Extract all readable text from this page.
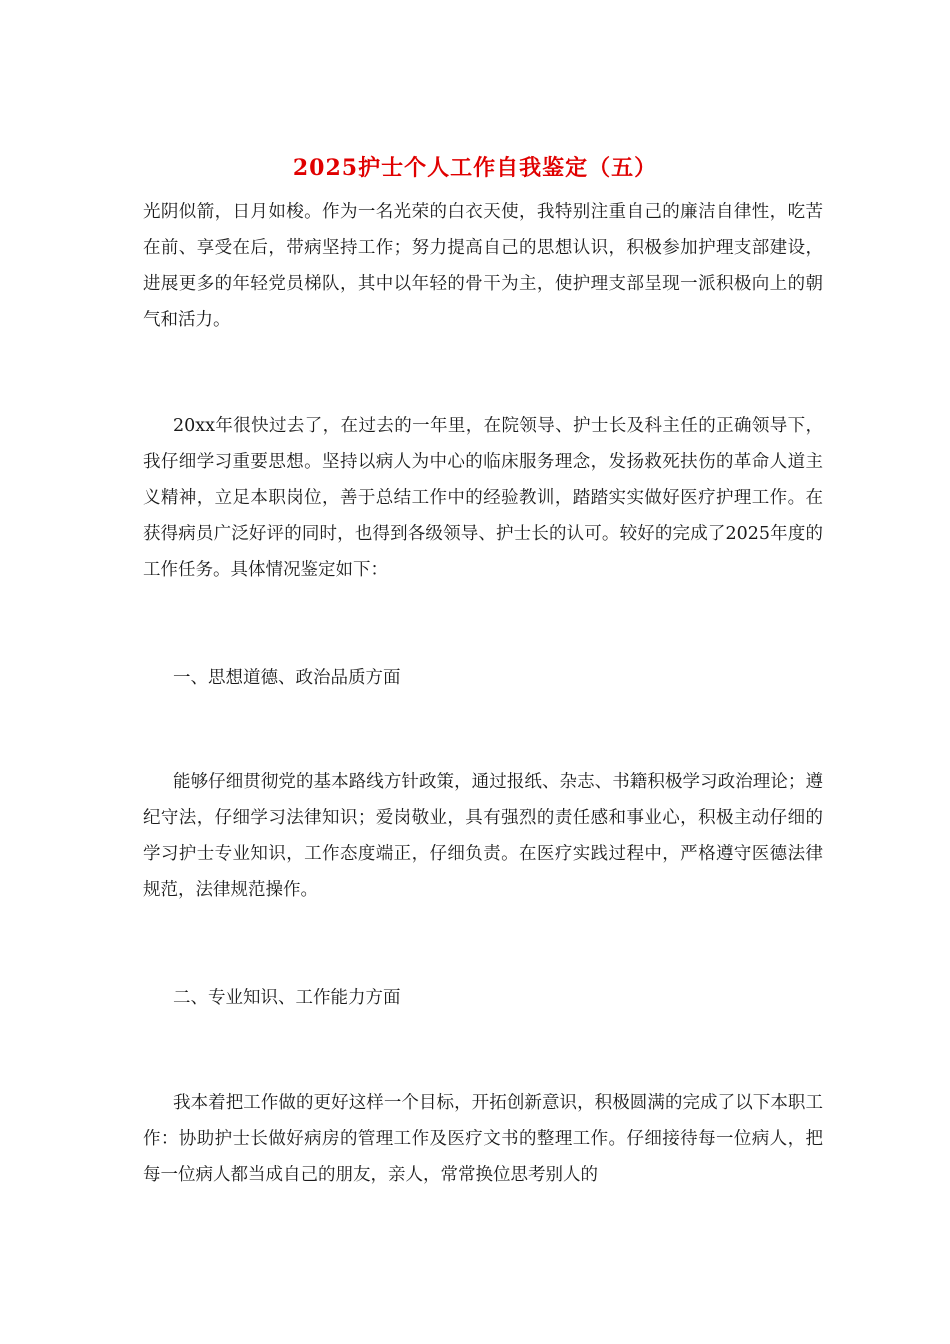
2025护士个人工作自我鉴定（五）

光阴似箭，日月如梭。作为一名光荣的白衣天使，我特别注重自己的廉洁自律性，吃苦在前、享受在后，带病坚持工作；努力提高自己的思想认识，积极参加护理支部建设，进展更多的年轻党员梯队，其中以年轻的骨干为主，使护理支部呈现一派积极向上的朝气和活力。

20xx年很快过去了，在过去的一年里，在院领导、护士长及科主任的正确领导下，我仔细学习重要思想。坚持以病人为中心的临床服务理念，发扬救死扶伤的革命人道主义精神，立足本职岗位，善于总结工作中的经验教训，踏踏实实做好医疗护理工作。在获得病员广泛好评的同时，也得到各级领导、护士长的认可。较好的完成了2025年度的工作任务。具体情况鉴定如下：

一、思想道德、政治品质方面

能够仔细贯彻党的基本路线方针政策，通过报纸、杂志、书籍积极学习政治理论；遵纪守法，仔细学习法律知识；爱岗敬业，具有强烈的责任感和事业心，积极主动仔细的学习护士专业知识，工作态度端正，仔细负责。在医疗实践过程中，严格遵守医德法律规范，法律规范操作。

二、专业知识、工作能力方面

我本着把工作做的更好这样一个目标，开拓创新意识，积极圆满的完成了以下本职工作：协助护士长做好病房的管理工作及医疗文书的整理工作。仔细接待每一位病人，把每一位病人都当成自己的朋友，亲人，常常换位思考别人的
